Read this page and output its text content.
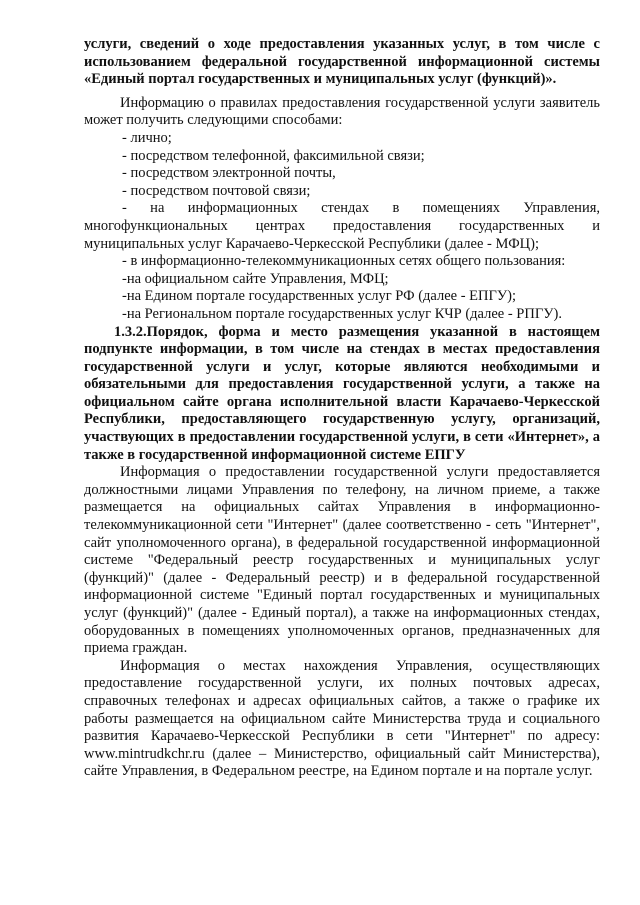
услуги, сведений о ходе предоставления указанных услуг, в том числе с использованием федеральной государственной информационной системы «Единый портал государственных и муниципальных услуг (функций)».

Информацию о правилах предоставления государственной услуги заявитель может получить следующими способами:

- лично;

- посредством телефонной, факсимильной связи;

- посредством электронной почты,

- посредством почтовой связи;

- на информационных стендах в помещениях Управления, многофункциональных центрах предоставления государственных и муниципальных услуг Карачаево-Черкесской Республики (далее - МФЦ);

- в информационно-телекоммуникационных сетях общего пользования:

-на официальном сайте Управления, МФЦ;

-на Едином портале государственных услуг РФ (далее - ЕПГУ);

-на Региональном портале государственных услуг КЧР (далее - РПГУ).

1.3.2.Порядок, форма и место размещения указанной в настоящем подпункте информации, в том числе на стендах в местах предоставления государственной услуги и услуг, которые являются необходимыми и обязательными для предоставления государственной услуги, а также на официальном сайте органа исполнительной власти Карачаево-Черкесской Республики, предоставляющего государственную услугу, организаций, участвующих в предоставлении государственной услуги, в сети «Интернет», а также в государственной информационной системе ЕПГУ

Информация о предоставлении государственной услуги предоставляется должностными лицами Управления по телефону, на личном приеме, а также размещается на официальных сайтах Управления в информационно-телекоммуникационной сети "Интернет" (далее соответственно - сеть "Интернет", сайт уполномоченного органа), в федеральной государственной информационной системе "Федеральный реестр государственных и муниципальных услуг (функций)" (далее - Федеральный реестр) и в федеральной государственной информационной системе "Единый портал государственных и муниципальных услуг (функций)" (далее - Единый портал), а также на информационных стендах, оборудованных в помещениях уполномоченных органов, предназначенных для приема граждан.

Информация о местах нахождения Управления, осуществляющих предоставление государственной услуги, их полных почтовых адресах, справочных телефонах и адресах официальных сайтов, а также о графике их работы размещается на официальном сайте Министерства труда и социального развития Карачаево-Черкесской Республики в сети "Интернет" по адресу: www.mintrudkchr.ru (далее – Министерство, официальный сайт Министерства), сайте Управления, в Федеральном реестре, на Едином портале и на портале услуг.
